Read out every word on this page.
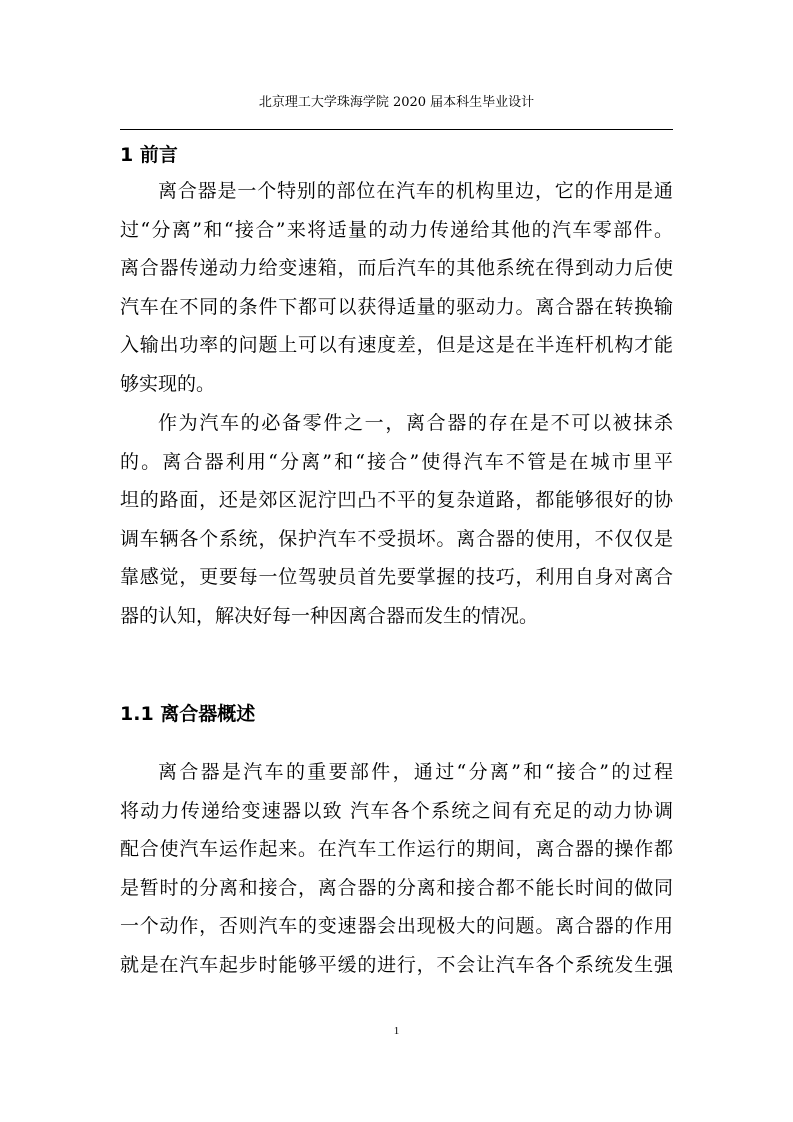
北京理工大学珠海学院 2020 届本科生毕业设计
1 前言
离合器是一个特别的部位在汽车的机构里边，它的作用是通
过“分离”和“接合”来将适量的动力传递给其他的汽车零部件。
离合器传递动力给变速箱，而后汽车的其他系统在得到动力后使
汽车在不同的条件下都可以获得适量的驱动力。离合器在转换输
入输出功率的问题上可以有速度差，但是这是在半连杆机构才能
够实现的。
作为汽车的必备零件之一，离合器的存在是不可以被抹杀
的。离合器利用“分离”和“接合”使得汽车不管是在城市里平
坦的路面，还是郊区泥泞凹凸不平的复杂道路，都能够很好的协
调车辆各个系统，保护汽车不受损坏。离合器的使用，不仅仅是
靠感觉，更要每一位驾驶员首先要掌握的技巧，利用自身对离合
器的认知，解决好每一种因离合器而发生的情况。
1.1 离合器概述
离合器是汽车的重要部件，通过“分离”和“接合”的过程
将动力传递给变速器以致 汽车各个系统之间有充足的动力协调
配合使汽车运作起来。在汽车工作运行的期间，离合器的操作都
是暂时的分离和接合，离合器的分离和接合都不能长时间的做同
一个动作，否则汽车的变速器会出现极大的问题。离合器的作用
就是在汽车起步时能够平缓的进行，不会让汽车各个系统发生强
1
